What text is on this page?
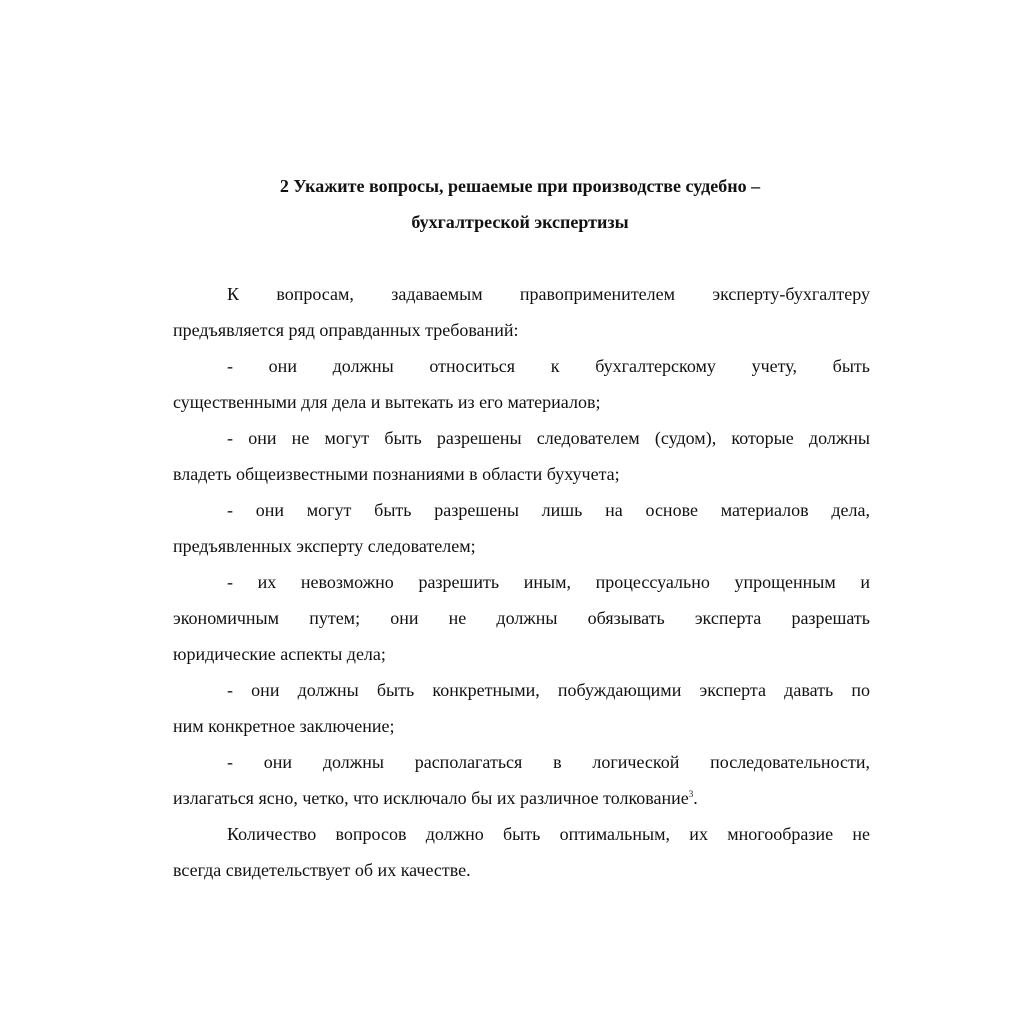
2 Укажите вопросы, решаемые при производстве судебно –
бухгалтреской экспертизы
К вопросам, задаваемым правоприменителем эксперту-бухгалтеру
предъявляется ряд оправданных требований:
- они должны относиться к бухгалтерскому учету, быть
существенными для дела и вытекать из его материалов;
- они не могут быть разрешены следователем (судом), которые должны
владеть общеизвестными познаниями в области бухучета;
- они могут быть разрешены лишь на основе материалов дела,
предъявленных эксперту следователем;
- их невозможно разрешить иным, процессуально упрощенным и
экономичным путем; они не должны обязывать эксперта разрешать
юридические аспекты дела;
- они должны быть конкретными, побуждающими эксперта давать по
ним конкретное заключение;
- они должны располагаться в логической последовательности,
излагаться ясно, четко, что исключало бы их различное толкование$^3$.
Количество вопросов должно быть оптимальным, их многообразие не
всегда свидетельствует об их качестве.
